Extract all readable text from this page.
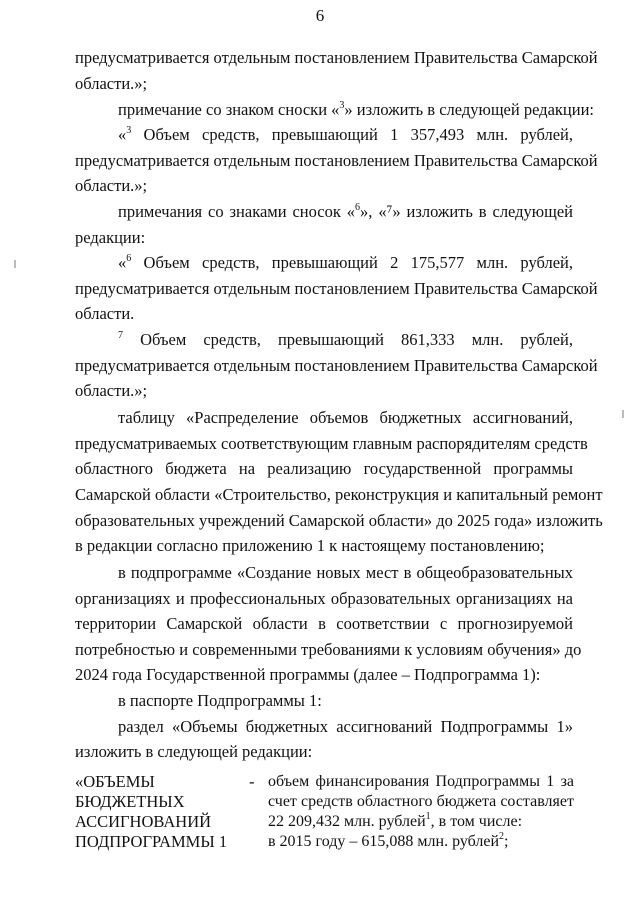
6
предусматривается отдельным постановлением Правительства Самарской
области.»;
примечание со знаком сноски «$^3$» изложить в следующей редакции:
«$^3$ Объем средств, превышающий 1 357,493 млн. рублей,
предусматривается отдельным постановлением Правительства Самарской
области.»;
примечания со знаками сносок «$^6$», «⁷» изложить в следующей
редакции:
«$^6$ Объем средств, превышающий 2 175,577 млн. рублей,
предусматривается отдельным постановлением Правительства Самарской
области.
$^7$ Объем средств, превышающий 861,333 млн. рублей,
предусматривается отдельным постановлением Правительства Самарской
области.»;
таблицу «Распределение объемов бюджетных ассигнований,
предусматриваемых соответствующим главным распорядителям средств
областного бюджета на реализацию государственной программы
Самарской области «Строительство, реконструкция и капитальный ремонт
образовательных учреждений Самарской области» до 2025 года» изложить
в редакции согласно приложению 1 к настоящему постановлению;
в подпрограмме «Создание новых мест в общеобразовательных
организациях и профессиональных образовательных организациях на
территории Самарской области в соответствии с прогнозируемой
потребностью и современными требованиями к условиям обучения» до
2024 года Государственной программы (далее – Подпрограмма 1):
в паспорте Подпрограммы 1:
раздел «Объемы бюджетных ассигнований Подпрограммы 1»
изложить в следующей редакции:
«ОБЪЕМЫ
БЮДЖЕТНЫХ
АССИГНОВАНИЙ
ПОДПРОГРАММЫ 1
- объем финансирования Подпрограммы 1 за
счет средств областного бюджета составляет
22 209,432 млн. рублей$^1$, в том числе:
в 2015 году – 615,088 млн. рублей$^2$;
